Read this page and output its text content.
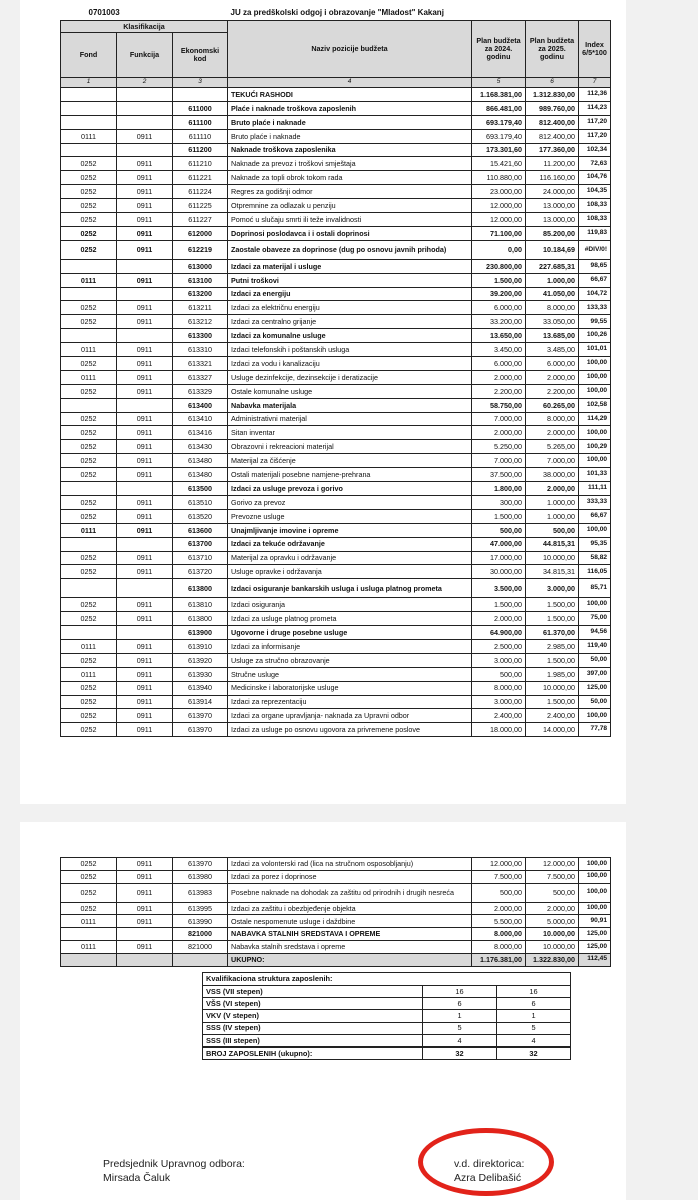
0701003			JU za predškolski odgoj i obrazovanje "Mladost" Kakanj			
Klasifikacija			Naziv pozicije budžeta	Plan budžeta za 2024. godinu	Plan budžeta za 2025. godinu	Index 6/5*100
Fond	Funkcija	Ekonomski kod				
1	2	3	4	5	6	7
			TEKUĆI RASHODI	1.168.381,00	1.312.830,00	112,36
		611000	Plaće i naknade troškova zaposlenih	866.481,00	989.760,00	114,23
		611100	Bruto plaće i naknade	693.179,40	812.400,00	117,20
0111	0911	611110	Bruto plaće i naknade	693.179,40	812.400,00	117,20
		611200	Naknade troškova zaposlenika	173.301,60	177.360,00	102,34
0252	0911	611210	Naknade za prevoz i troškovi smještaja	15.421,60	11.200,00	72,63
0252	0911	611221	Naknade za topli obrok tokom rada	110.880,00	116.160,00	104,76
0252	0911	611224	Regres za godišnji odmor	23.000,00	24.000,00	104,35
0252	0911	611225	Otpremnine za odlazak u penziju	12.000,00	13.000,00	108,33
0252	0911	611227	Pomoć u slučaju smrti ili teže invalidnosti	12.000,00	13.000,00	108,33
0252	0911	612000	Doprinosi poslodavca i i ostali doprinosi	71.100,00	85.200,00	119,83
0252	0911	612219	Zaostale obaveze za doprinose (dug po osnovu javnih prihoda)	0,00	10.184,69	#DIV/0!
		613000	Izdaci za materijal i usluge	230.800,00	227.685,31	98,65
0111	0911	613100	Putni troškovi	1.500,00	1.000,00	66,67
		613200	Izdaci za energiju	39.200,00	41.050,00	104,72
0252	0911	613211	Izdaci za električnu energiju	6.000,00	8.000,00	133,33
0252	0911	613212	Izdaci za centralno grijanje	33.200,00	33.050,00	99,55
		613300	Izdaci za komunalne usluge	13.650,00	13.685,00	100,26
0111	0911	613310	Izdaci telefonskih i poštanskih usluga	3.450,00	3.485,00	101,01
0252	0911	613321	Izdaci za vodu i kanalizaciju	6.000,00	6.000,00	100,00
0111	0911	613327	Usluge dezinfekcije, dezinsekcije i deratizacije	2.000,00	2.000,00	100,00
0252	0911	613329	Ostale komunalne usluge	2.200,00	2.200,00	100,00
		613400	Nabavka materijala	58.750,00	60.265,00	102,58
0252	0911	613410	Administrativni materijal	7.000,00	8.000,00	114,29
0252	0911	613416	Sitan inventar	2.000,00	2.000,00	100,00
0252	0911	613430	Obrazovni i rekreacioni materijal	5.250,00	5.265,00	100,29
0252	0911	613480	Materijal za čišćenje	7.000,00	7.000,00	100,00
0252	0911	613480	Ostali materijali posebne namjene-prehrana	37.500,00	38.000,00	101,33
		613500	Izdaci za usluge prevoza i gorivo	1.800,00	2.000,00	111,11
0252	0911	613510	Gorivo za prevoz	300,00	1.000,00	333,33
0252	0911	613520	Prevozne usluge	1.500,00	1.000,00	66,67
0111	0911	613600	Unajmljivanje imovine i opreme	500,00	500,00	100,00
		613700	Izdaci za tekuće održavanje	47.000,00	44.815,31	95,35
0252	0911	613710	Materijal za opravku i održavanje	17.000,00	10.000,00	58,82
0252	0911	613720	Usluge opravke i održavanja	30.000,00	34.815,31	116,05
		613800	Izdaci osiguranje bankarskih usluga i usluga platnog prometa	3.500,00	3.000,00	85,71
0252	0911	613810	Izdaci osiguranja	1.500,00	1.500,00	100,00
0252	0911	613800	Izdaci za usluge platnog prometa	2.000,00	1.500,00	75,00
		613900	Ugovorne i druge posebne usluge	64.900,00	61.370,00	94,56
0111	0911	613910	Izdaci za informisanje	2.500,00	2.985,00	119,40
0252	0911	613920	Usluge za stručno obrazovanje	3.000,00	1.500,00	50,00
0111	0911	613930	Stručne usluge	500,00	1.985,00	397,00
0252	0911	613940	Medicinske i laboratorijske usluge	8.000,00	10.000,00	125,00
0252	0911	613914	Izdaci za reprezentaciju	3.000,00	1.500,00	50,00
0252	0911	613970	Izdaci za organe upravljanja- naknada za Upravni odbor	2.400,00	2.400,00	100,00
0252	0911	613970	Izdaci za usluge po osnovu ugovora za privremene poslove	18.000,00	14.000,00	77,78
0252	0911	613970	Izdaci za volonterski rad (lica na stručnom osposobljanju)	12.000,00	12.000,00	100,00
0252	0911	613980	Izdaci za porez i doprinose	7.500,00	7.500,00	100,00
0252	0911	613983	Posebne naknade na dohodak za zaštitu od prirodnih i drugih nesreća	500,00	500,00	100,00
0252	0911	613995	Izdaci za zaštitu i obezbjeđenje objekta	2.000,00	2.000,00	100,00
0111	0911	613990	Ostale nespomenute usluge i daždbine	5.500,00	5.000,00	90,91
		821000	NABAVKA STALNIH SREDSTAVA I OPREME	8.000,00	10.000,00	125,00
0111	0911	821000	Nabavka stalnih sredstava i opreme	8.000,00	10.000,00	125,00
			UKUPNO:	1.176.381,00	1.322.830,00	112,45
Kvalifikaciona struktura zaposlenih:		
VSS (VII stepen)	16	16
VŠS (VI stepen)	6	6
VKV (V stepen)	1	1
SSS (IV stepen)	5	5
SSS (III stepen)	4	4
BROJ ZAPOSLENIH (ukupno):	32	32
Predsjednik Upravnog odbora:
Mirsada Čaluk
v.d. direktorica:
Azra Delibašić
